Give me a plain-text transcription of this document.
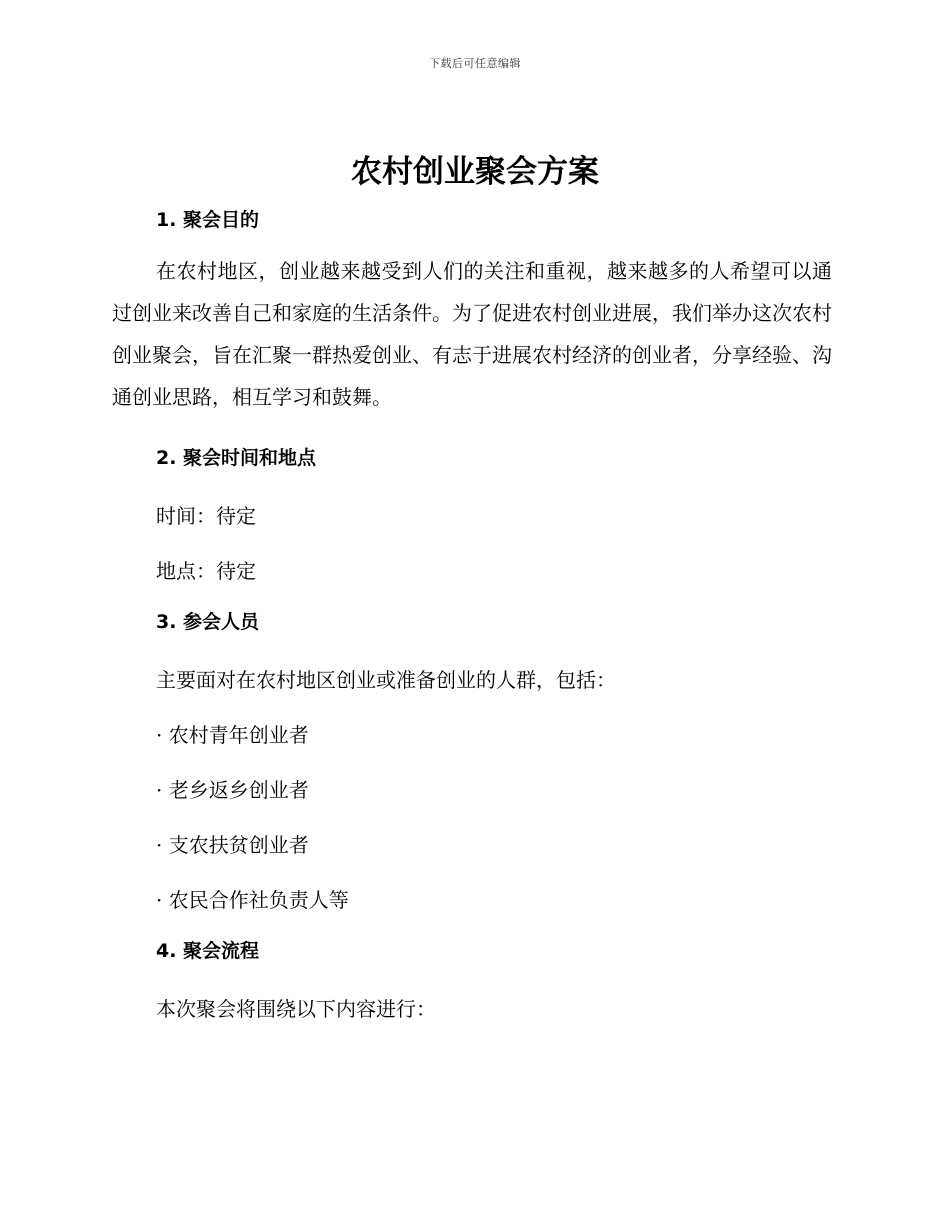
下载后可任意编辑
农村创业聚会方案
1. 聚会目的

在农村地区，创业越来越受到人们的关注和重视，越来越多的人希望可以通过创业来改善自己和家庭的生活条件。为了促进农村创业进展，我们举办这次农村创业聚会，旨在汇聚一群热爱创业、有志于进展农村经济的创业者，分享经验、沟通创业思路，相互学习和鼓舞。

2. 聚会时间和地点

时间：待定

地点：待定

3. 参会人员

主要面对在农村地区创业或准备创业的人群，包括：

· 农村青年创业者

· 老乡返乡创业者

· 支农扶贫创业者

· 农民合作社负责人等

4. 聚会流程

本次聚会将围绕以下内容进行：
